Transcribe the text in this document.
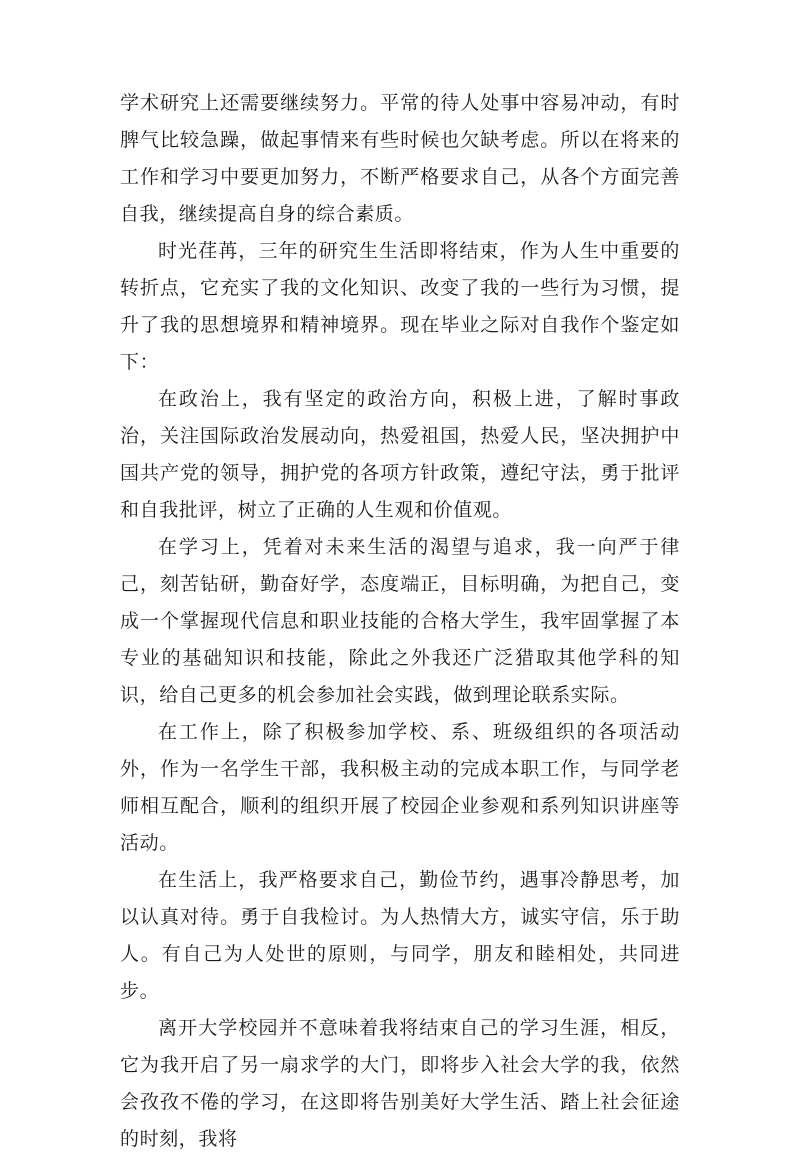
学术研究上还需要继续努力。平常的待人处事中容易冲动，有时脾气比较急躁，做起事情来有些时候也欠缺考虑。所以在将来的工作和学习中要更加努力，不断严格要求自己，从各个方面完善自我，继续提高自身的综合素质。

时光荏苒，三年的研究生生活即将结束，作为人生中重要的转折点，它充实了我的文化知识、改变了我的一些行为习惯，提升了我的思想境界和精神境界。现在毕业之际对自我作个鉴定如下：

在政治上，我有坚定的政治方向，积极上进，了解时事政治，关注国际政治发展动向，热爱祖国，热爱人民，坚决拥护中国共产党的领导，拥护党的各项方针政策，遵纪守法，勇于批评和自我批评，树立了正确的人生观和价值观。

在学习上，凭着对未来生活的渴望与追求，我一向严于律己，刻苦钻研，勤奋好学，态度端正，目标明确，为把自己，变成一个掌握现代信息和职业技能的合格大学生，我牢固掌握了本专业的基础知识和技能，除此之外我还广泛猎取其他学科的知识，给自己更多的机会参加社会实践，做到理论联系实际。

在工作上，除了积极参加学校、系、班级组织的各项活动外，作为一名学生干部，我积极主动的完成本职工作，与同学老师相互配合，顺利的组织开展了校园企业参观和系列知识讲座等活动。

在生活上，我严格要求自己，勤俭节约，遇事冷静思考，加以认真对待。勇于自我检讨。为人热情大方，诚实守信，乐于助人。有自己为人处世的原则，与同学，朋友和睦相处，共同进步。

离开大学校园并不意味着我将结束自己的学习生涯，相反，它为我开启了另一扇求学的大门，即将步入社会大学的我，依然会孜孜不倦的学习，在这即将告别美好大学生活、踏上社会征途的时刻，我将
